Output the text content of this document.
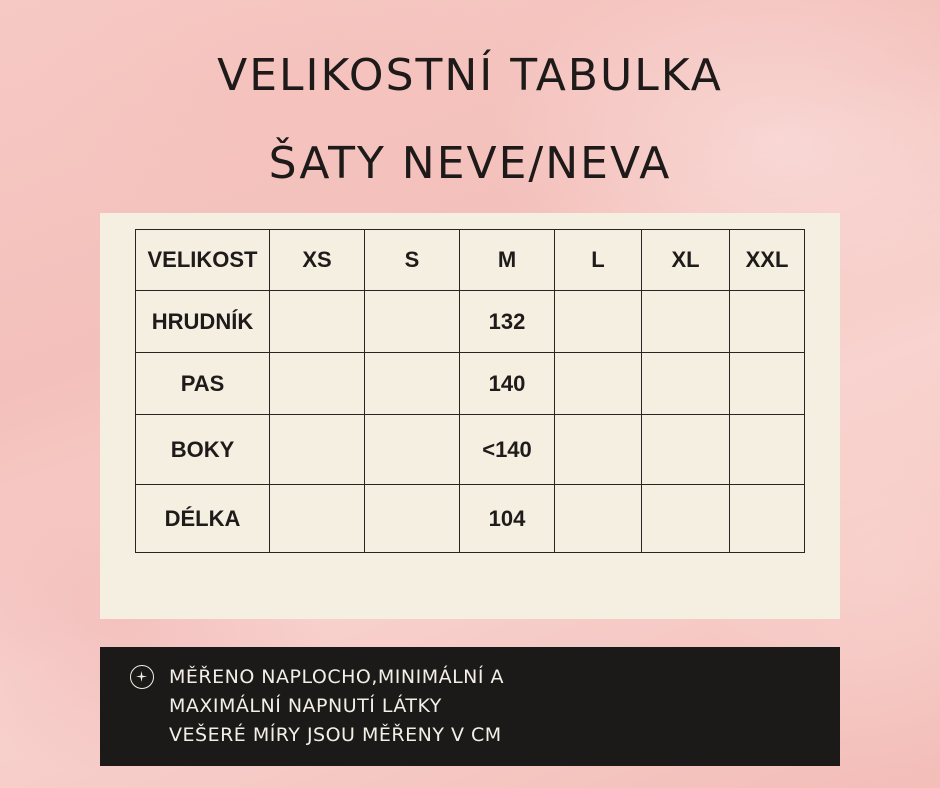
VELIKOSTNÍ TABULKA
ŠATY NEVE/NEVA
VELIKOST	XS	S	M	L	XL	XXL
HRUDNÍK			132			
PAS			140			
BOKY			<140			
DÉLKA			104			
MĚŘENO NAPLOCHO,MINIMÁLNÍ A
MAXIMÁLNÍ NAPNUTÍ LÁTKY
VEŠERÉ MÍRY JSOU MĚŘENY V CM
